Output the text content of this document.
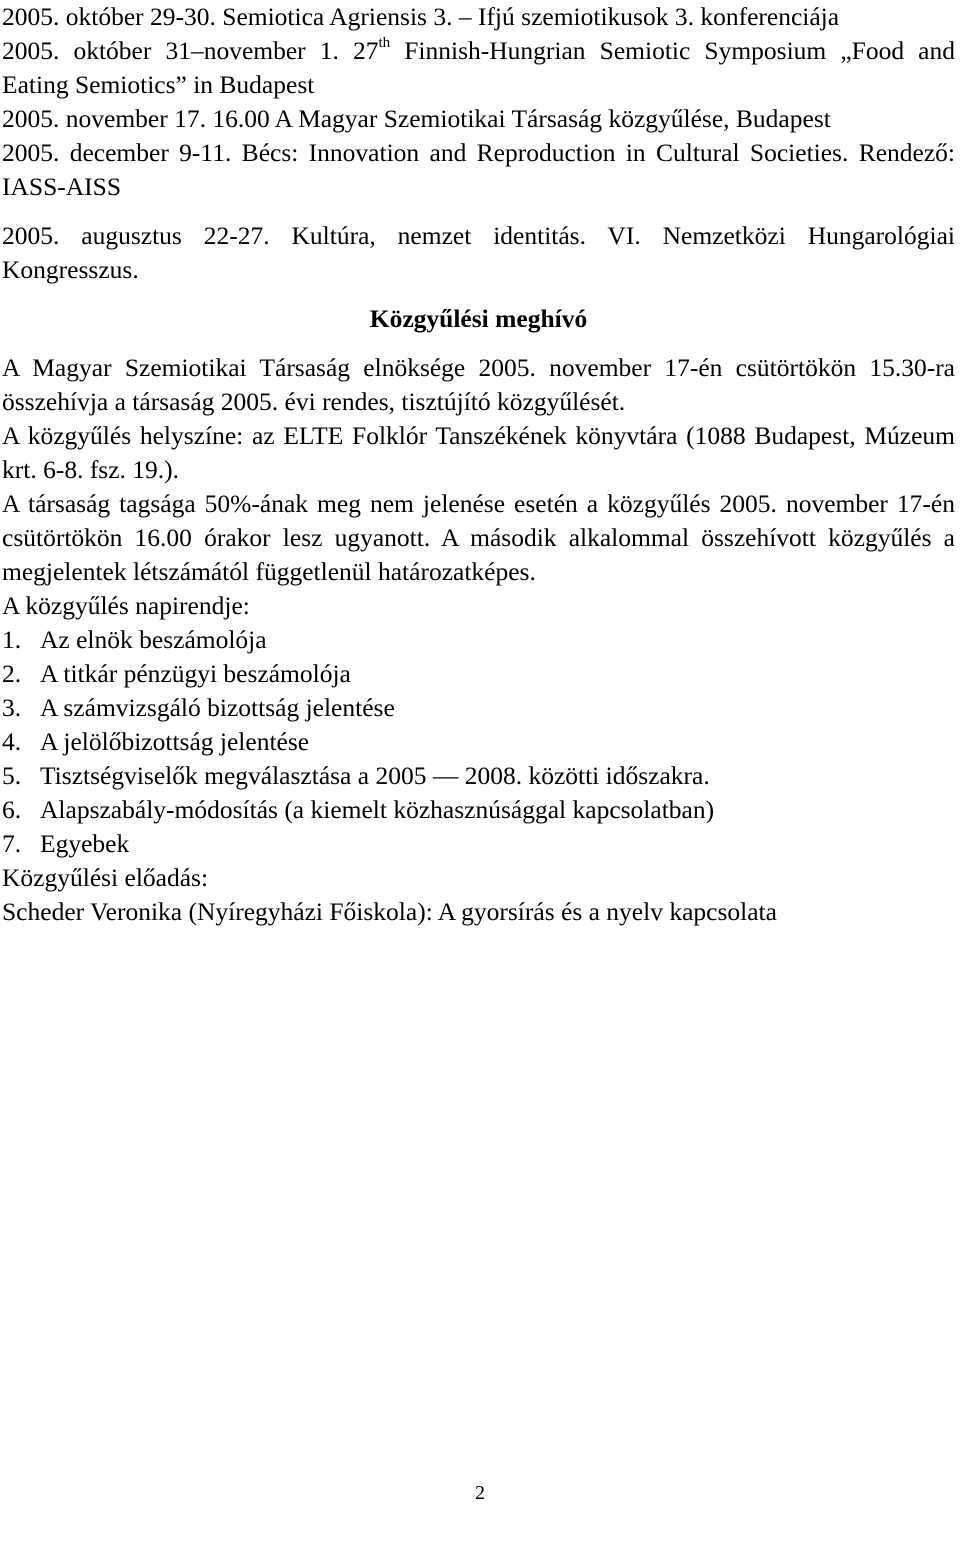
2005. október 29-30. Semiotica Agriensis 3. – Ifjú szemiotikusok 3. konferenciája

2005. október 31–november 1. 27th Finnish-Hungrian Semiotic Symposium „Food and Eating Semiotics” in Budapest

2005. november 17. 16.00 A Magyar Szemiotikai Társaság közgyűlése, Budapest

2005. december 9-11. Bécs: Innovation and Reproduction in Cultural Societies. Rendező: IASS-AISS

2005. augusztus 22-27. Kultúra, nemzet identitás. VI. Nemzetközi Hungarológiai Kongresszus.

Közgyűlési meghívó

A Magyar Szemiotikai Társaság elnöksége 2005. november 17-én csütörtökön 15.30-ra összehívja a társaság 2005. évi rendes, tisztújító közgyűlését.

A közgyűlés helyszíne: az ELTE Folklór Tanszékének könyvtára (1088 Budapest, Múzeum krt. 6-8. fsz. 19.).

A társaság tagsága 50%-ának meg nem jelenése esetén a közgyűlés 2005. november 17-én csütörtökön 16.00 órakor lesz ugyanott. A második alkalommal összehívott közgyűlés a megjelentek létszámától függetlenül határozatképes.

A közgyűlés napirendje:

1. Az elnök beszámolója
2. A titkár pénzügyi beszámolója
3. A számvizsgáló bizottság jelentése
4. A jelölőbizottság jelentése
5. Tisztségviselők megválasztása a 2005 — 2008. közötti időszakra.
6. Alapszabály-módosítás (a kiemelt közhasznúsággal kapcsolatban)
7. Egyebek

Közgyűlési előadás:

Scheder Veronika (Nyíregyházi Főiskola): A gyorsírás és a nyelv kapcsolata

2
